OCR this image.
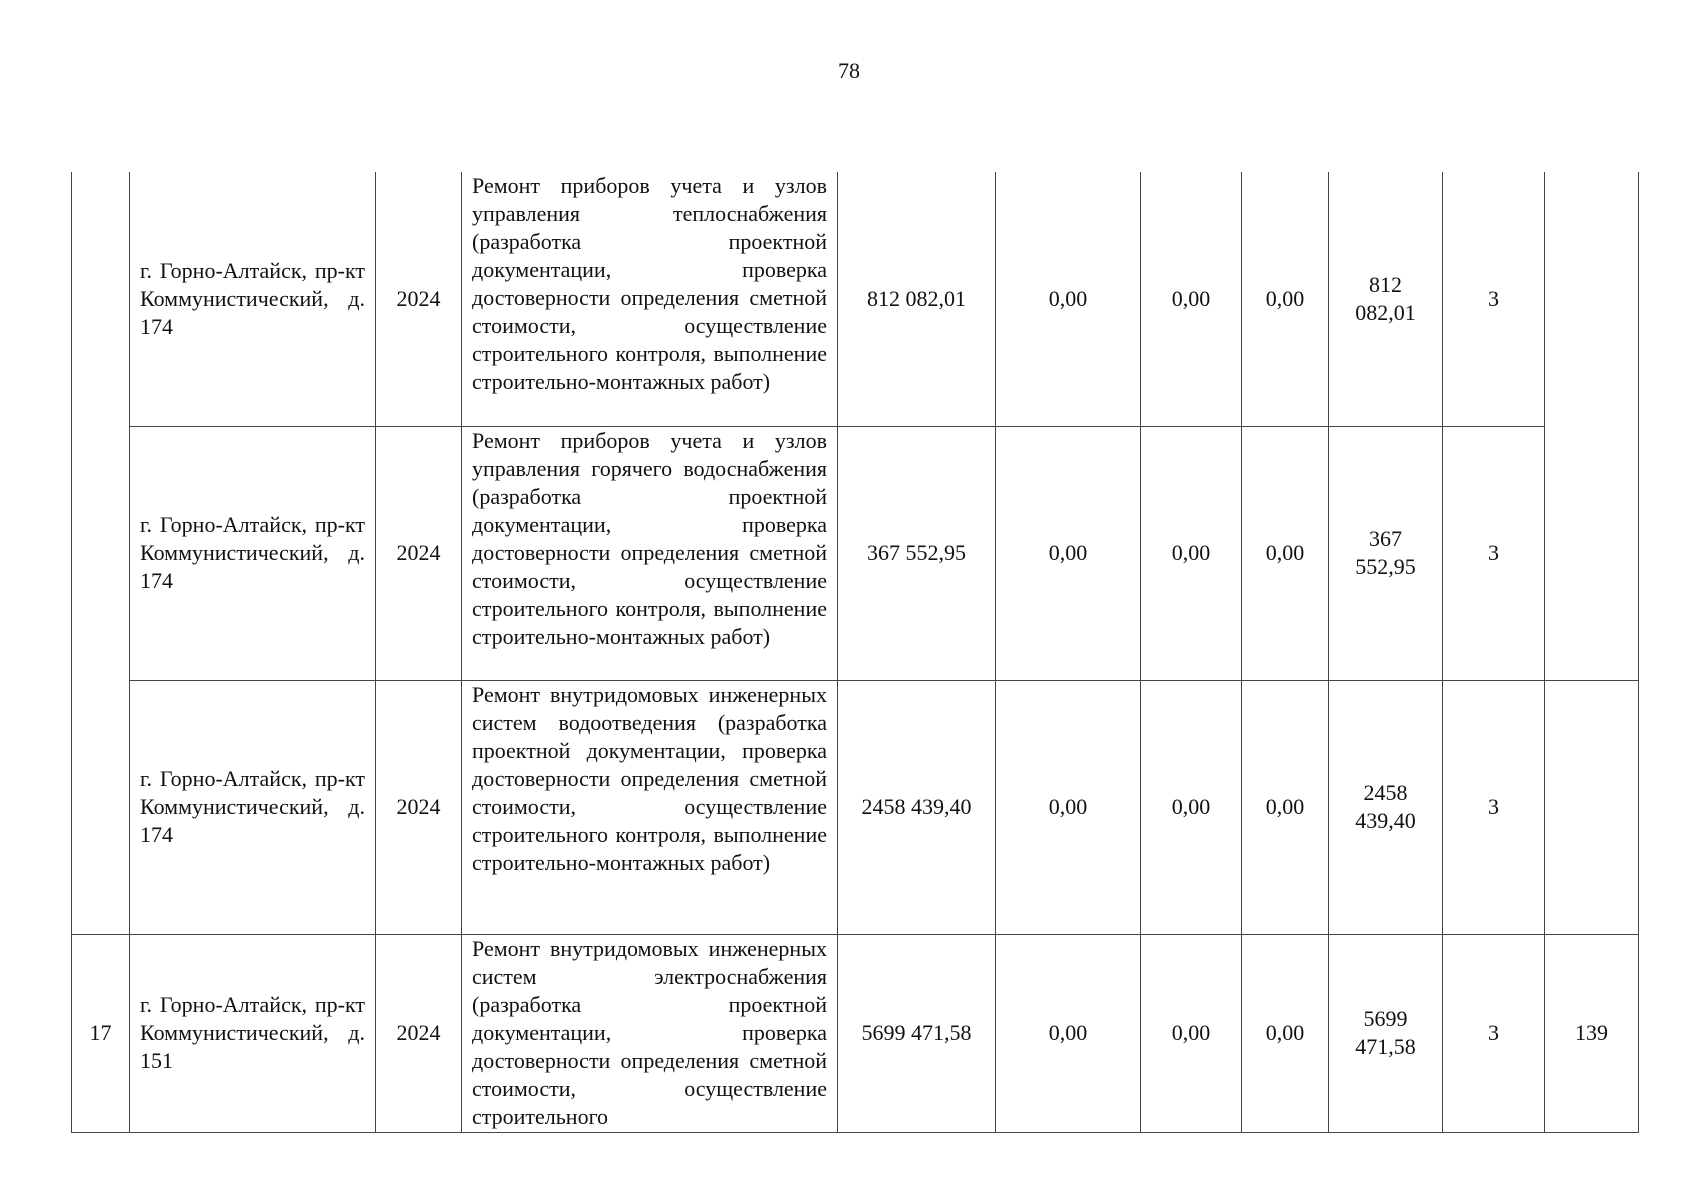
78
	г. Горно-Алтайск, пр-кт Коммунистический, д. 174	2024	Ремонт приборов учета и узлов управления теплоснабжения (разработка проектной документации, проверка достоверности определения сметной стоимости, осуществление строительного контроля, выполнение строительно-монтажных работ)	812 082,01	0,00	0,00	0,00	812 082,01	3	
	г. Горно-Алтайск, пр-кт Коммунистический, д. 174	2024	Ремонт приборов учета и узлов управления горячего водоснабжения (разработка проектной документации, проверка достоверности определения сметной стоимости, осуществление строительного контроля, выполнение строительно-монтажных работ)	367 552,95	0,00	0,00	0,00	367 552,95	3	
	г. Горно-Алтайск, пр-кт Коммунистический, д. 174	2024	Ремонт внутридомовых инженерных систем водоотведения (разработка проектной документации, проверка достоверности определения сметной стоимости, осуществление строительного контроля, выполнение строительно-монтажных работ)	2458 439,40	0,00	0,00	0,00	2458 439,40	3	
17	г. Горно-Алтайск, пр-кт Коммунистический, д. 151	2024	Ремонт внутридомовых инженерных систем электроснабжения (разработка проектной документации, проверка достоверности определения сметной стоимости, осуществление строительного	5699 471,58	0,00	0,00	0,00	5699 471,58	3	139
